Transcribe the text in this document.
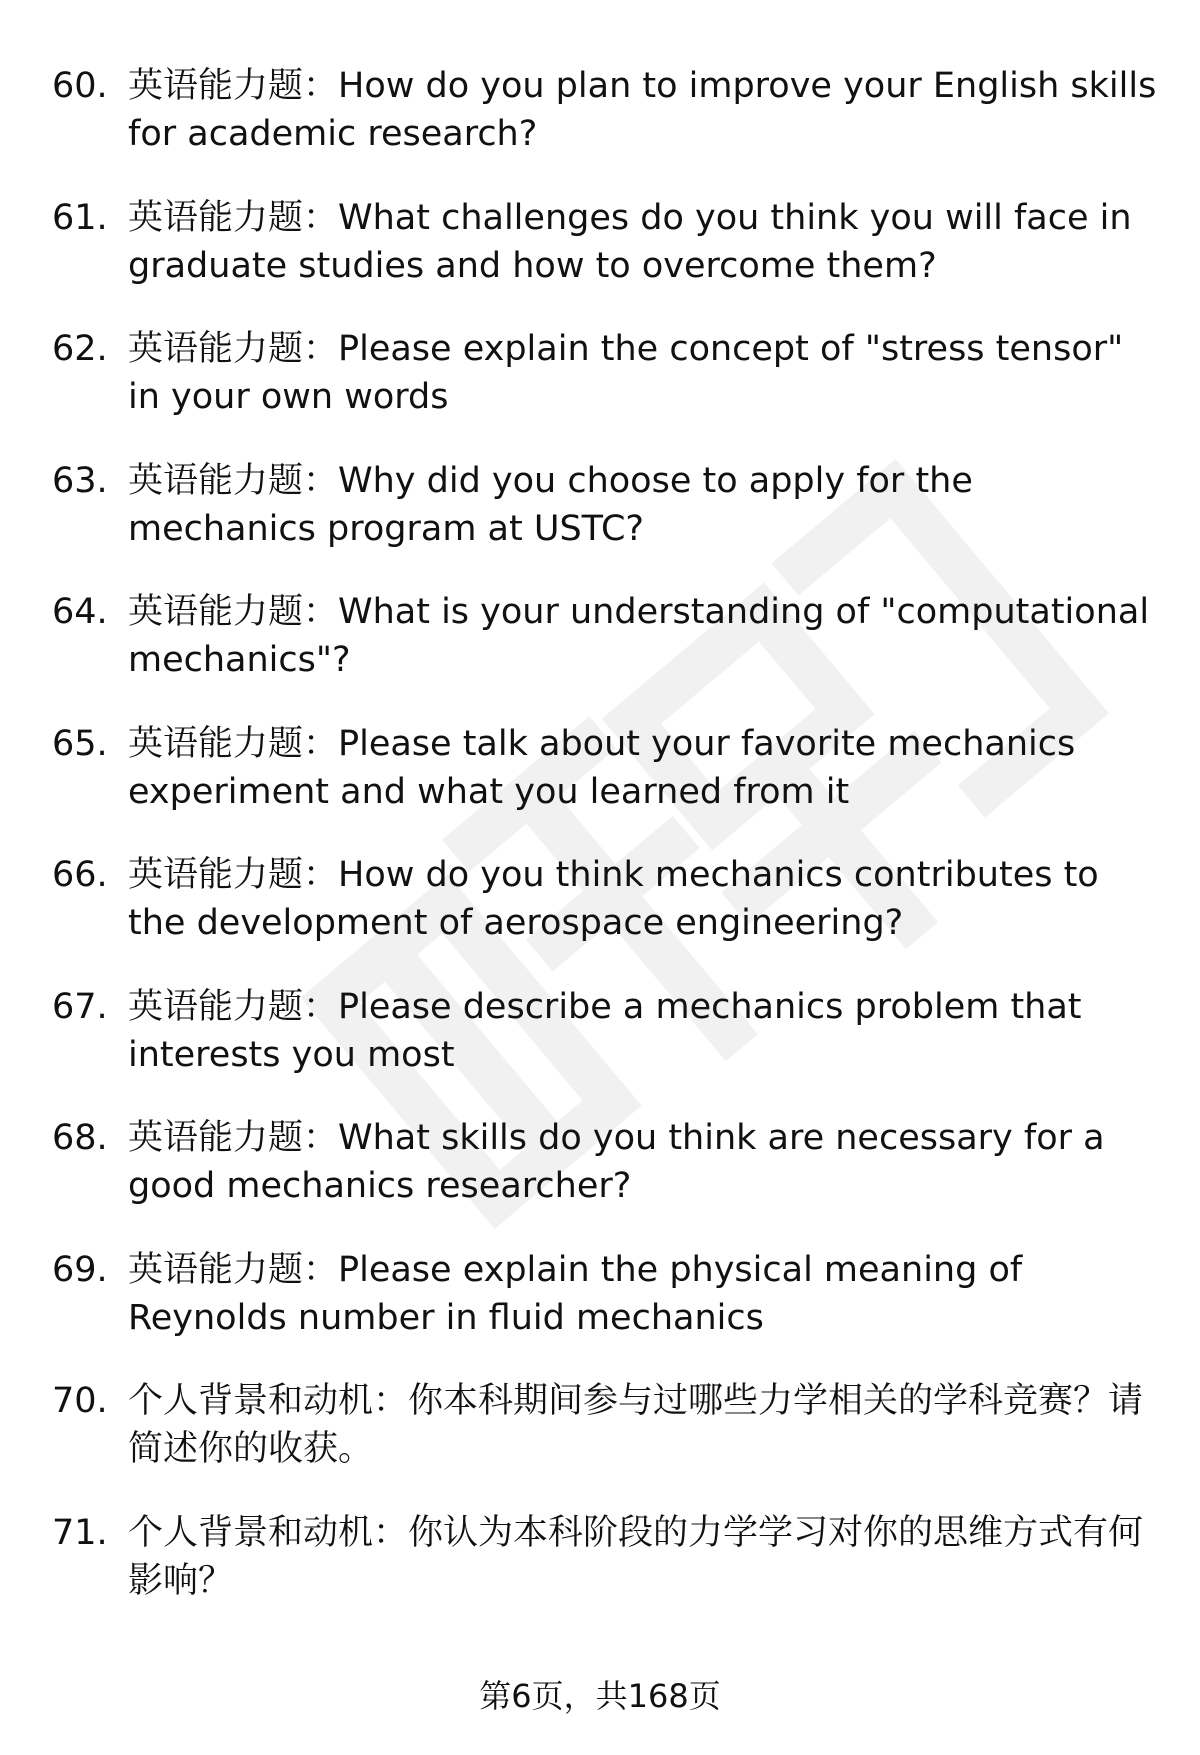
60. 英语能力题：How do you plan to improve your English skills for academic research?
61. 英语能力题：What challenges do you think you will face in graduate studies and how to overcome them?
62. 英语能力题：Please explain the concept of "stress tensor" in your own words
63. 英语能力题：Why did you choose to apply for the mechanics program at USTC?
64. 英语能力题：What is your understanding of "computational mechanics"?
65. 英语能力题：Please talk about your favorite mechanics experiment and what you learned from it
66. 英语能力题：How do you think mechanics contributes to the development of aerospace engineering?
67. 英语能力题：Please describe a mechanics problem that interests you most
68. 英语能力题：What skills do you think are necessary for a good mechanics researcher?
69. 英语能力题：Please explain the physical meaning of Reynolds number in fluid mechanics
70. 个人背景和动机：你本科期间参与过哪些力学相关的学科竞赛？请简述你的收获。
71. 个人背景和动机：你认为本科阶段的力学学习对你的思维方式有何影响？
第6页，共168页
